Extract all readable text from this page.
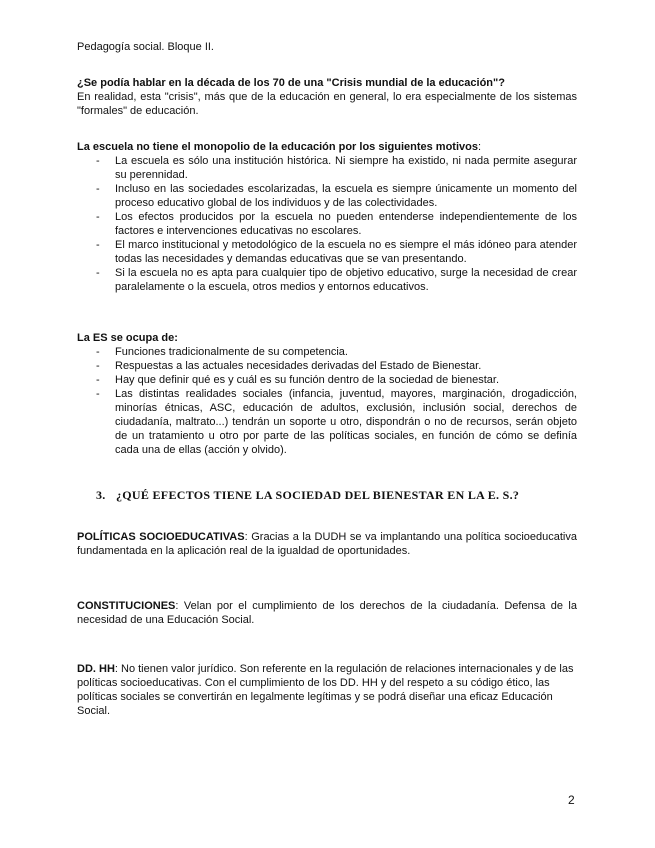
Pedagogía social. Bloque II.
¿Se podía hablar en la década de los 70 de una "Crisis mundial de la educación"?
En realidad, esta "crisis", más que de la educación en general, lo era especialmente de los sistemas "formales" de educación.
La escuela no tiene el monopolio de la educación por los siguientes motivos:
- La escuela es sólo una institución histórica. Ni siempre ha existido, ni nada permite asegurar su perennidad.
- Incluso en las sociedades escolarizadas, la escuela es siempre únicamente un momento del proceso educativo global de los individuos y de las colectividades.
- Los efectos producidos por la escuela no pueden entenderse independientemente de los factores e intervenciones educativas no escolares.
- El marco institucional y metodológico de la escuela no es siempre el más idóneo para atender todas las necesidades y demandas educativas que se van presentando.
- Si la escuela no es apta para cualquier tipo de objetivo educativo, surge la necesidad de crear paralelamente o la escuela, otros medios y entornos educativos.
La ES se ocupa de:
- Funciones tradicionalmente de su competencia.
- Respuestas a las actuales necesidades derivadas del Estado de Bienestar.
- Hay que definir qué es y cuál es su función dentro de la sociedad de bienestar.
- Las distintas realidades sociales (infancia, juventud, mayores, marginación, drogadicción, minorías étnicas, ASC, educación de adultos, exclusión, inclusión social, derechos de ciudadanía, maltrato...) tendrán un soporte u otro, dispondrán o no de recursos, serán objeto de un tratamiento u otro por parte de las políticas sociales, en función de cómo se definía cada una de ellas (acción y olvido).
3. ¿QUÉ EFECTOS TIENE LA SOCIEDAD DEL BIENESTAR EN LA E. S.?
POLÍTICAS SOCIOEDUCATIVAS: Gracias a la DUDH se va implantando una política socioeducativa fundamentada en la aplicación real de la igualdad de oportunidades.
CONSTITUCIONES: Velan por el cumplimiento de los derechos de la ciudadanía. Defensa de la necesidad de una Educación Social.
DD. HH: No tienen valor jurídico. Son referente en la regulación de relaciones internacionales y de las políticas socioeducativas. Con el cumplimiento de los DD. HH y del respeto a su código ético, las políticas sociales se convertirán en legalmente legítimas y se podrá diseñar una eficaz Educación Social.
2
